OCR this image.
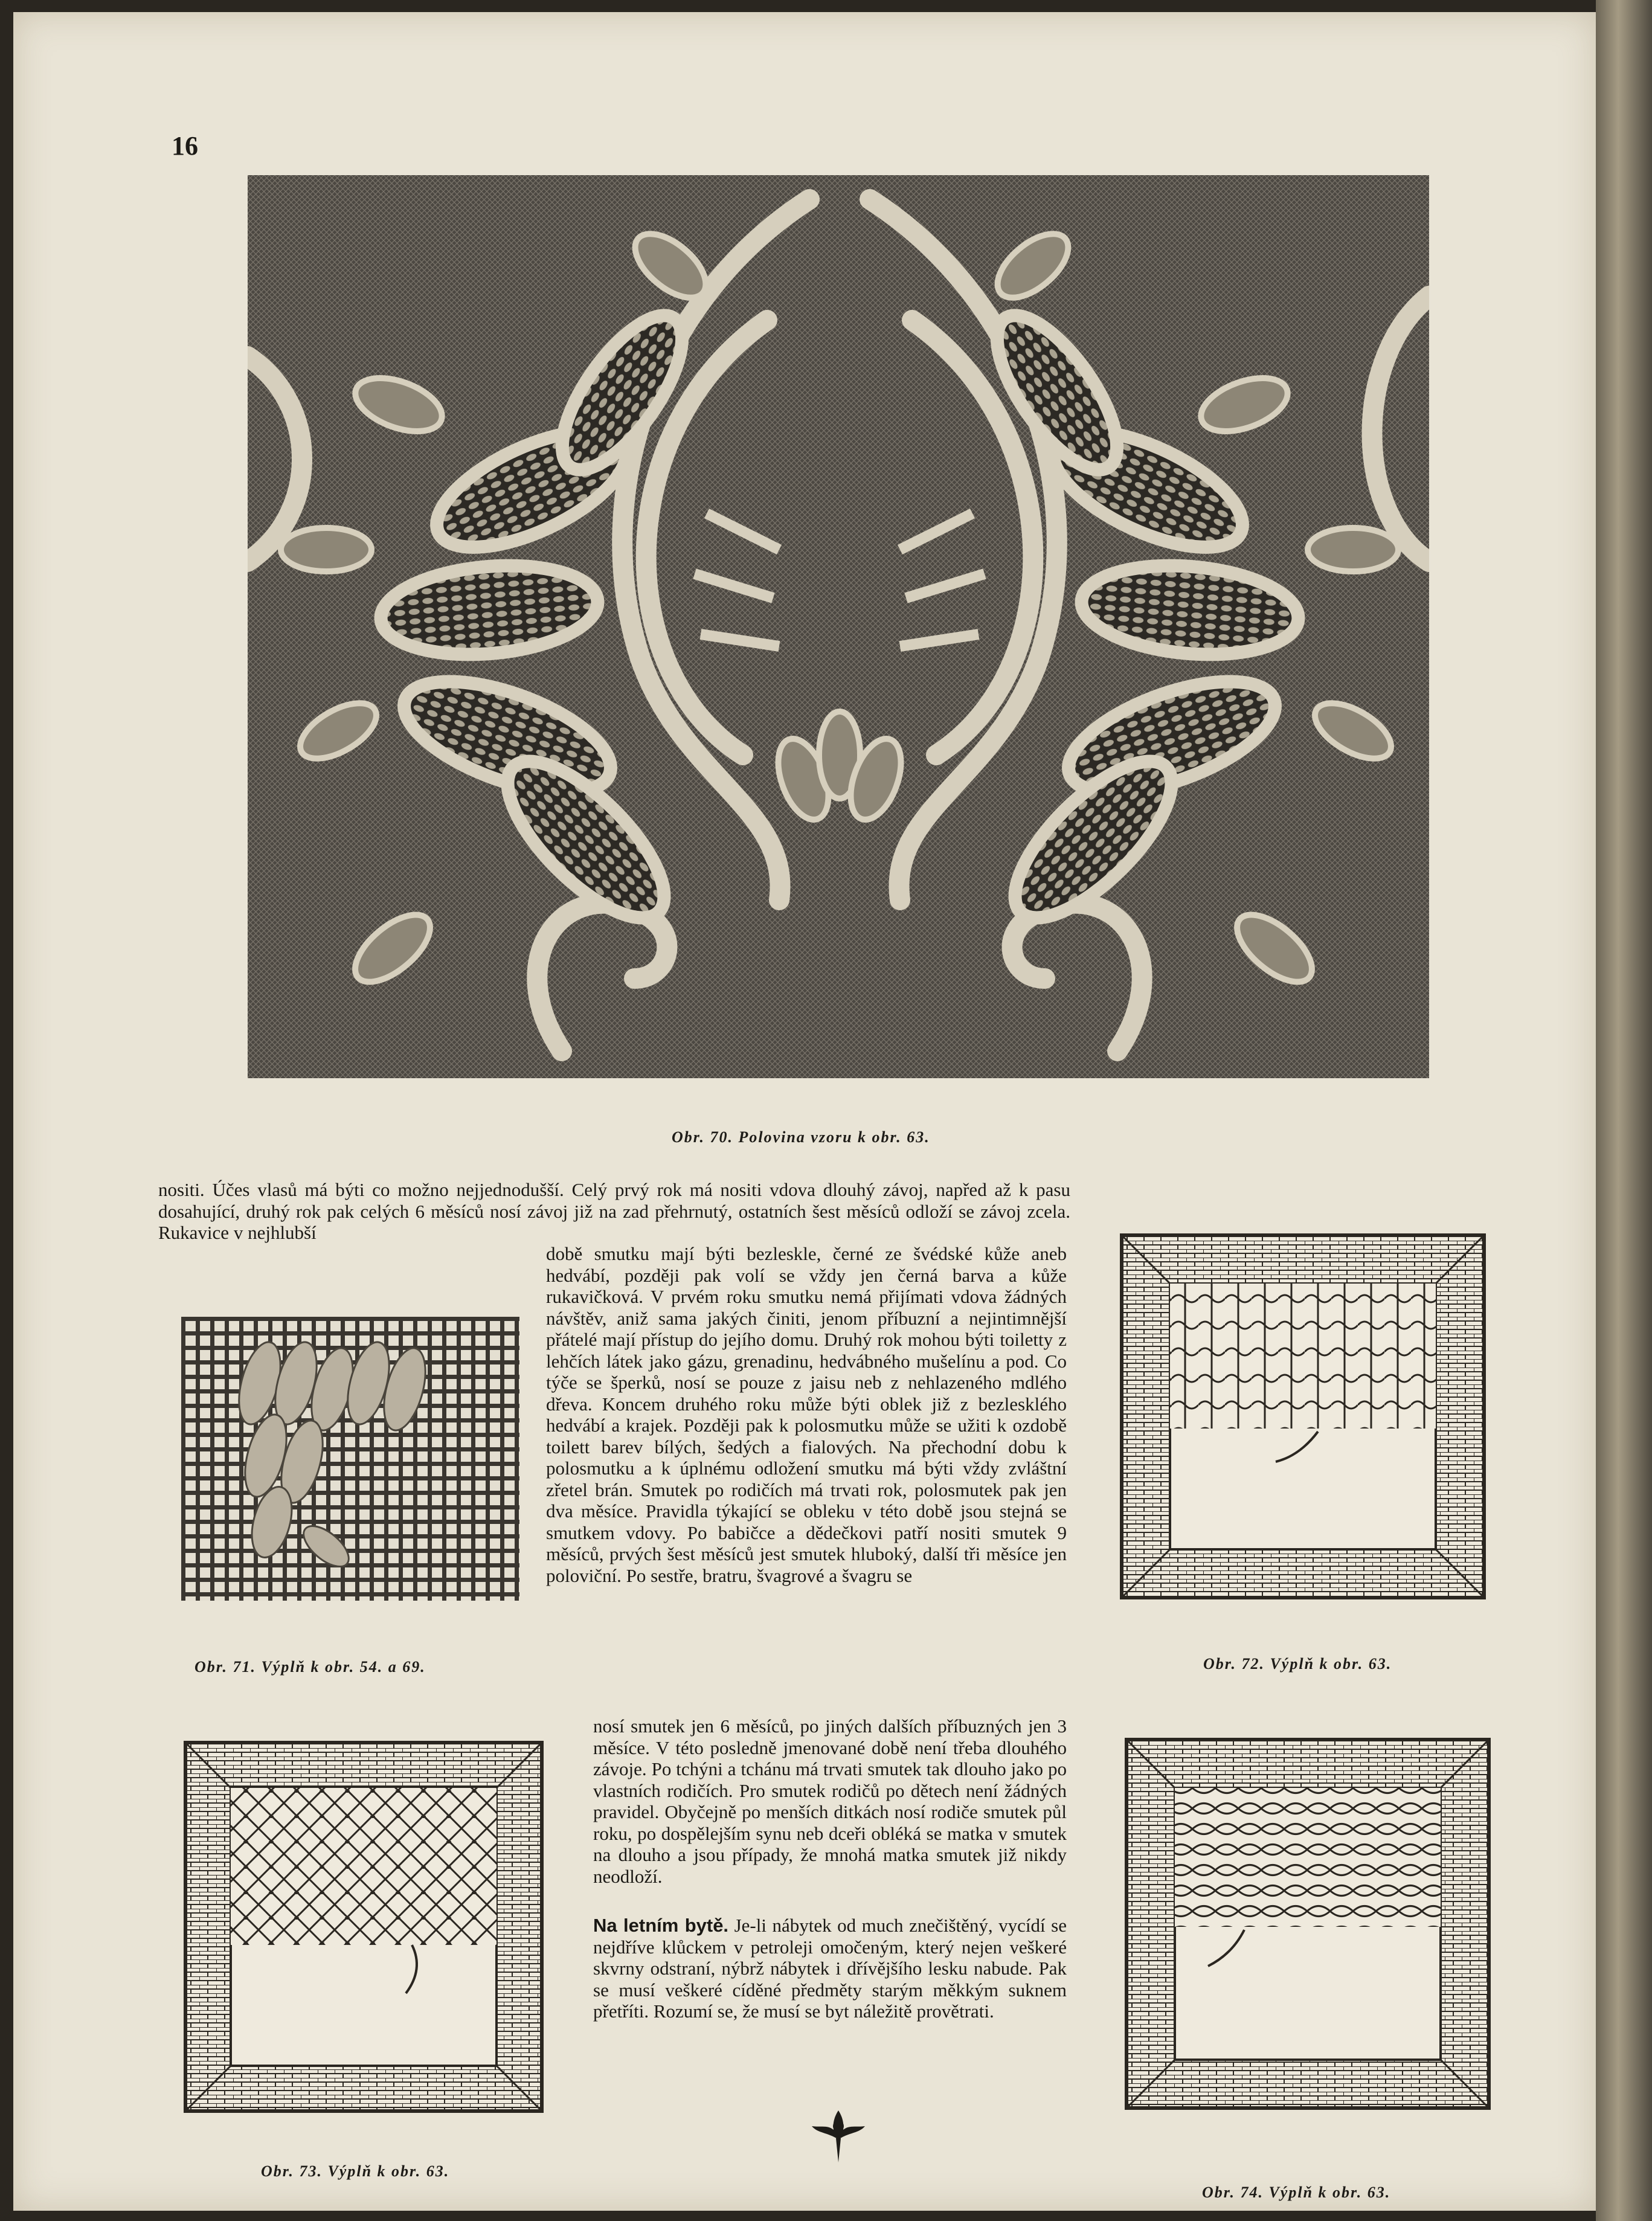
16
Obr. 70. Polovina vzoru k obr. 63.

nositi. Účes vlasů má býti co možno nejjednodušší. Celý prvý rok má nositi vdova dlouhý závoj, napřed až k pasu dosahující, druhý rok pak celých 6 měsíců nosí závoj již na zad přehrnutý, ostatních šest měsíců odloží se závoj zcela. Rukavice v nejhlubší

době smutku mají býti bezleskle, černé ze švédské kůže aneb hedvábí, později pak volí se vždy jen černá barva a kůže rukavičková. V prvém roku smutku nemá přijímati vdova žádných návštěv, aniž sama jakých činiti, jenom příbuzní a nejintimnější přátelé mají přístup do jejího domu. Druhý rok mohou býti toiletty z lehčích látek jako gázu, grenadinu, hedvábného mušelínu a pod. Co týče se šperků, nosí se pouze z jaisu neb z nehlazeného mdlého dřeva. Koncem druhého roku může býti oblek již z bezlesklého hedvábí a krajek. Později pak k polosmutku může se užiti k ozdobě toilett barev bílých, šedých a fialových. Na přechodní dobu k polosmutku a k úplnému odložení smutku má býti vždy zvláštní zřetel brán. Smutek po rodičích má trvati rok, polosmutek pak jen dva měsíce. Pravidla týkající se obleku v této době jsou stejná se smutkem vdovy. Po babičce a dědečkovi patří nositi smutek 9 měsíců, prvých šest měsíců jest smutek hluboký, další tři měsíce jen poloviční. Po sestře, bratru, švagrové a švagru se

nosí smutek jen 6 měsíců, po jiných dalších příbuzných jen 3 měsíce. V této posledně jmenované době není třeba dlouhého závoje. Po tchýni a tchánu má trvati smutek tak dlouho jako po vlastních rodičích. Pro smutek rodičů po dětech není žádných pravidel. Obyčejně po menších ditkách nosí rodiče smutek půl roku, po dospělejším synu neb dceři obléká se matka v smutek na dlouho a jsou případy, že mnohá matka smutek již nikdy neodloží.

Na letním bytě. Je-li nábytek od much znečištěný, vycídí se nejdříve klůckem v petroleji omočeným, který nejen veškeré skvrny odstraní, nýbrž nábytek i dřívějšího lesku nabude. Pak se musí veškeré cíděné předměty starým měkkým suknem přetříti. Rozumí se, že musí se byt náležitě provětrati.

Obr. 71. Výplň k obr. 54. a 69.	Obr. 72. Výplň k obr. 63.
Obr. 73. Výplň k obr. 63.
Obr. 74. Výplň k obr. 63.
